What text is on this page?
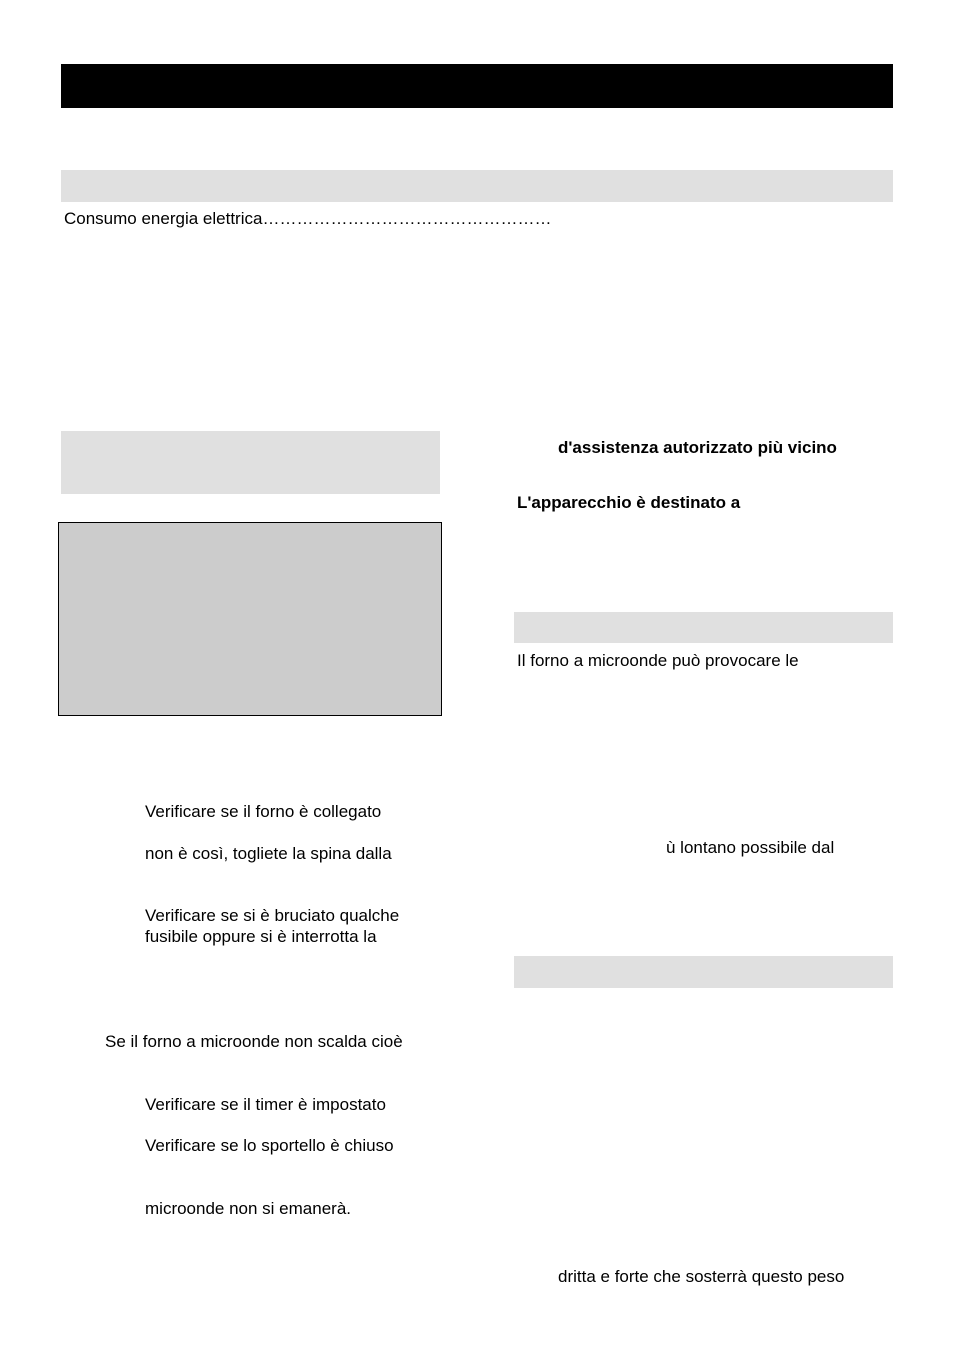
Consumo energia elettrica……………………………………………
d'assistenza autorizzato più vicino
L'apparecchio è destinato a
Il forno a microonde può provocare le
ù lontano possibile dal
dritta e forte che sosterrà questo peso
Verificare se il forno è collegato
non è così, togliete la spina dalla
Verificare se si è bruciato qualche
fusibile oppure si è interrotta la
Se il forno a microonde non scalda cioè
Verificare se il timer è impostato
Verificare se lo sportello è chiuso
microonde non si emanerà.
